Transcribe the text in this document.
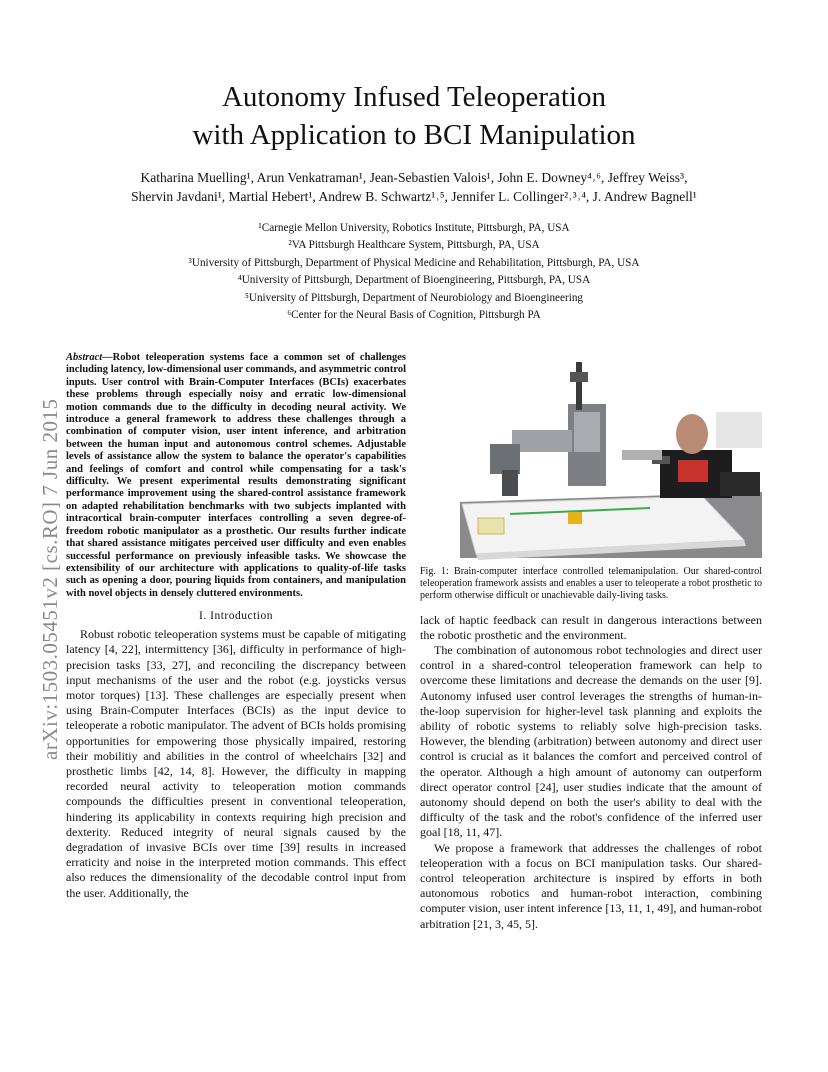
arXiv:1503.05451v2 [cs.RO] 7 Jun 2015
Autonomy Infused Teleoperation
with Application to BCI Manipulation
Katharina Muelling¹, Arun Venkatraman¹, Jean-Sebastien Valois¹, John E. Downey⁴˒⁶, Jeffrey Weiss³,
Shervin Javdani¹, Martial Hebert¹, Andrew B. Schwartz¹˒⁵, Jennifer L. Collinger²˒³˒⁴, J. Andrew Bagnell¹
¹Carnegie Mellon University, Robotics Institute, Pittsburgh, PA, USA
²VA Pittsburgh Healthcare System, Pittsburgh, PA, USA
³University of Pittsburgh, Department of Physical Medicine and Rehabilitation, Pittsburgh, PA, USA
⁴University of Pittsburgh, Department of Bioengineering, Pittsburgh, PA, USA
⁵University of Pittsburgh, Department of Neurobiology and Bioengineering
⁶Center for the Neural Basis of Cognition, Pittsburgh PA

Abstract—Robot teleoperation systems face a common set of challenges including latency, low-dimensional user commands, and asymmetric control inputs. User control with Brain-Computer Interfaces (BCIs) exacerbates these problems through especially noisy and erratic low-dimensional motion commands due to the difficulty in decoding neural activity. We introduce a general framework to address these challenges through a combination of computer vision, user intent inference, and arbitration between the human input and autonomous control schemes. Adjustable levels of assistance allow the system to balance the operator's capabilities and feelings of comfort and control while compensating for a task's difficulty. We present experimental results demonstrating significant performance improvement using the shared-control assistance framework on adapted rehabilitation benchmarks with two subjects implanted with intracortical brain-computer interfaces controlling a seven degree-of-freedom robotic manipulator as a prosthetic. Our results further indicate that shared assistance mitigates perceived user difficulty and even enables successful performance on previously infeasible tasks. We showcase the extensibility of our architecture with applications to quality-of-life tasks such as opening a door, pouring liquids from containers, and manipulation with novel objects in densely cluttered environments.

I. Introduction

Robust robotic teleoperation systems must be capable of mitigating latency [4, 22], intermittency [36], difficulty in performance of high-precision tasks [33, 27], and reconciling the discrepancy between input mechanisms of the user and the robot (e.g. joysticks versus motor torques) [13]. These challenges are especially present when using Brain-Computer Interfaces (BCIs) as the input device to teleoperate a robotic manipulator. The advent of BCIs holds promising opportunities for empowering those physically impaired, restoring their mobilitiy and abilities in the control of wheelchairs [32] and prosthetic limbs [42, 14, 8]. However, the difficulty in mapping recorded neural activity to teleoperation motion commands compounds the difficulties present in conventional teleoperation, hindering its applicability in contexts requiring high precision and dexterity. Reduced integrity of neural signals caused by the degradation of invasive BCIs over time [39] results in increased erraticity and noise in the interpreted motion commands. This effect also reduces the dimensionality of the decodable control input from the user. Additionally, the

Fig. 1: Brain-computer interface controlled telemanipulation. Our shared-control teleoperation framework assists and enables a user to teleoperate a robot prosthetic to perform otherwise difficult or unachievable daily-living tasks.

lack of haptic feedback can result in dangerous interactions between the robotic prosthetic and the environment.

The combination of autonomous robot technologies and direct user control in a shared-control teleoperation framework can help to overcome these limitations and decrease the demands on the user [9]. Autonomy infused user control leverages the strengths of human-in-the-loop supervision for higher-level task planning and exploits the ability of robotic systems to reliably solve high-precision tasks. However, the blending (arbitration) between autonomy and direct user control is crucial as it balances the comfort and perceived control of the operator. Although a high amount of autonomy can outperform direct operator control [24], user studies indicate that the amount of autonomy should depend on both the user's ability to deal with the difficulty of the task and the robot's confidence of the inferred user goal [18, 11, 47].

We propose a framework that addresses the challenges of robot teleoperation with a focus on BCI manipulation tasks. Our shared-control teleoperation architecture is inspired by efforts in both autonomous robotics and human-robot interaction, combining computer vision, user intent inference [13, 11, 1, 49], and human-robot arbitration [21, 3, 45, 5].
